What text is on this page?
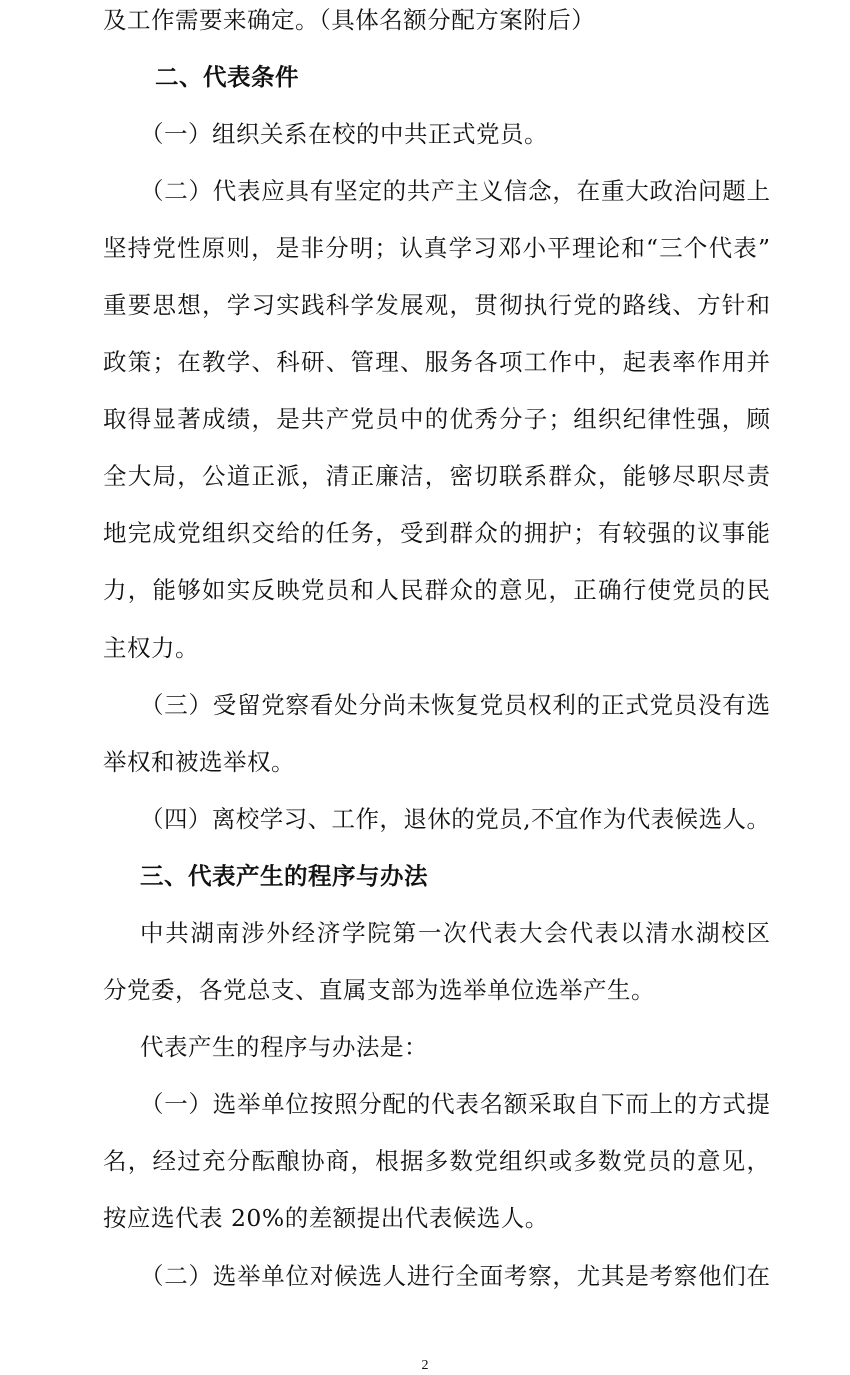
及工作需要来确定。（具体名额分配方案附后）
二、代表条件
（一）组织关系在校的中共正式党员。
（二）代表应具有坚定的共产主义信念，在重大政治问题上
坚持党性原则，是非分明；认真学习邓小平理论和“三个代表”
重要思想，学习实践科学发展观，贯彻执行党的路线、方针和
政策；在教学、科研、管理、服务各项工作中，起表率作用并
取得显著成绩，是共产党员中的优秀分子；组织纪律性强，顾
全大局，公道正派，清正廉洁，密切联系群众，能够尽职尽责
地完成党组织交给的任务，受到群众的拥护；有较强的议事能
力，能够如实反映党员和人民群众的意见，正确行使党员的民
主权力。
（三）受留党察看处分尚未恢复党员权利的正式党员没有选
举权和被选举权。
（四）离校学习、工作，退休的党员,不宜作为代表候选人。
三、代表产生的程序与办法
中共湖南涉外经济学院第一次代表大会代表以清水湖校区
分党委，各党总支、直属支部为选举单位选举产生。
代表产生的程序与办法是：
（一）选举单位按照分配的代表名额采取自下而上的方式提
名，经过充分酝酿协商，根据多数党组织或多数党员的意见，
按应选代表 20%的差额提出代表候选人。
（二）选举单位对候选人进行全面考察，尤其是考察他们在
2
